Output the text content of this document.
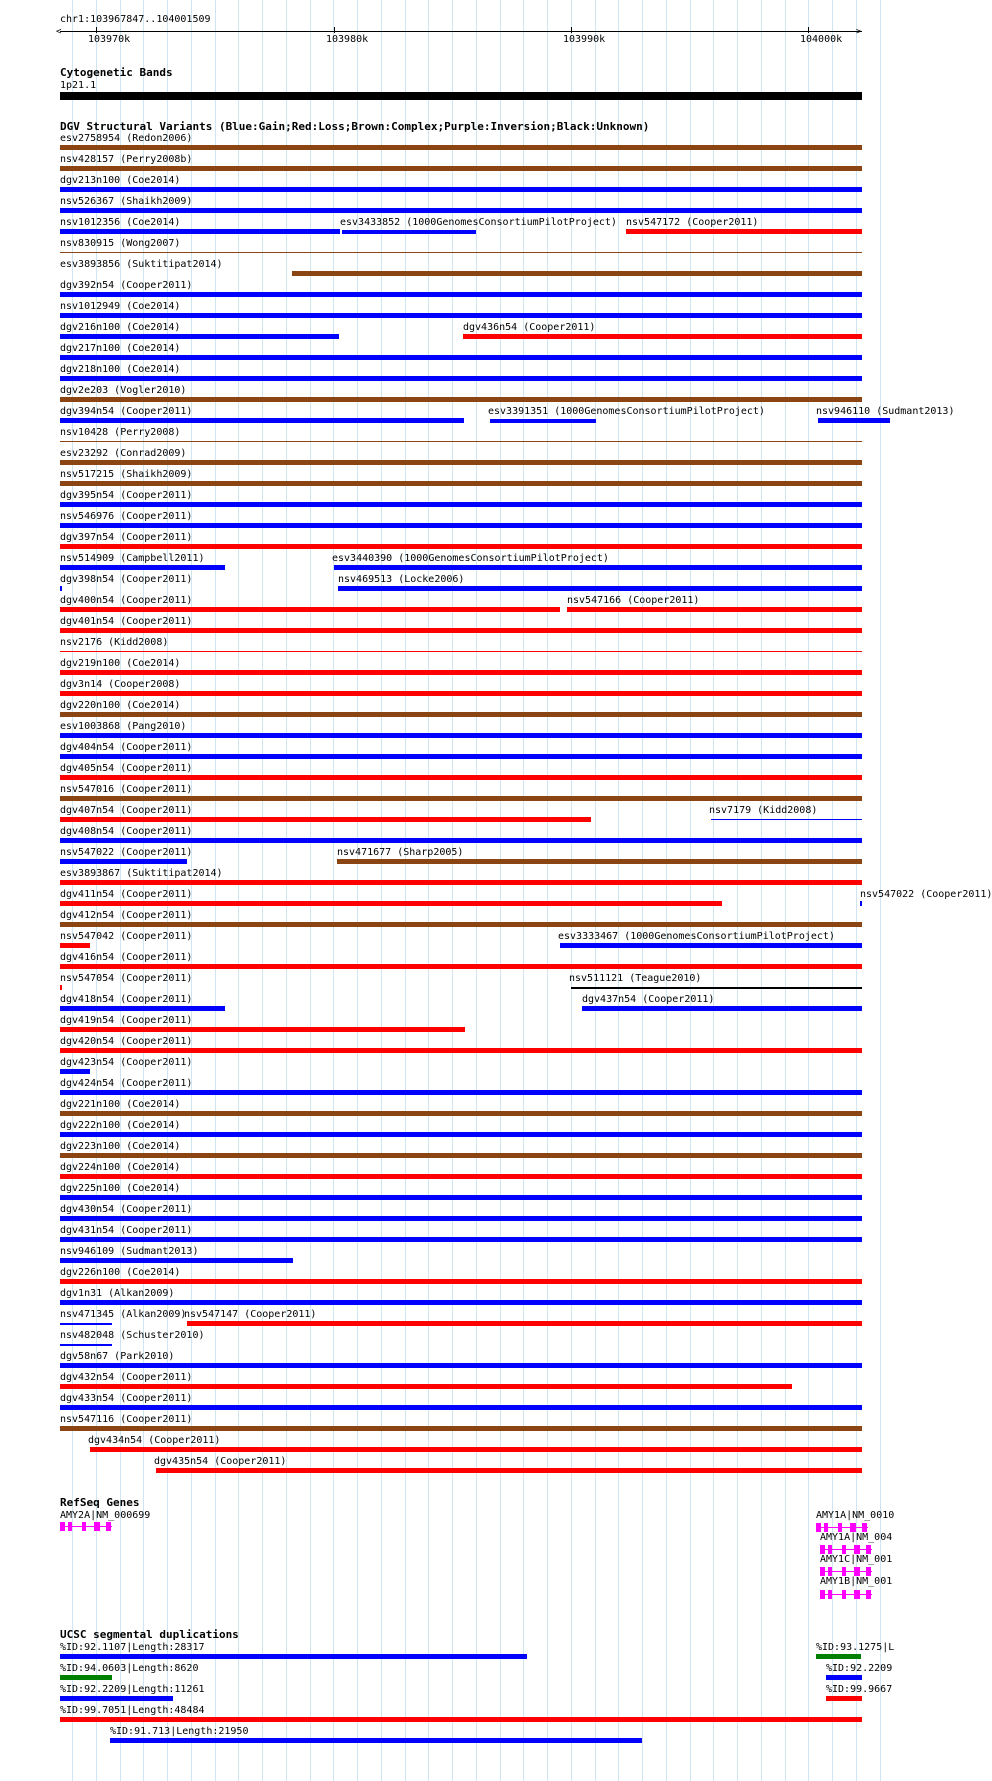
chr1:103967847..104001509
<	>
103970k	103980k	103990k	104000k
Cytogenetic Bands
1p21.1
DGV Structural Variants (Blue:Gain;Red:Loss;Brown:Complex;Purple:Inversion;Black:Unknown)
esv2758954 (Redon2006)
nsv428157 (Perry2008b)
dgv213n100 (Coe2014)
nsv526367 (Shaikh2009)
nsv1012356 (Coe2014)	esv3433852 (1000GenomesConsortiumPilotProject) nsv547172 (Cooper2011)
nsv830915 (Wong2007)
esv3893856 (Suktitipat2014)
dgv392n54 (Cooper2011)
nsv1012949 (Coe2014)
dgv216n100 (Coe2014)	dgv436n54 (Cooper2011)
dgv217n100 (Coe2014)
dgv218n100 (Coe2014)
dgv2e203 (Vogler2010)
dgv394n54 (Cooper2011)	esv3391351 (1000GenomesConsortiumPilotProject)	nsv946110 (Sudmant2013)
nsv10428 (Perry2008)
esv23292 (Conrad2009)
nsv517215 (Shaikh2009)
dgv395n54 (Cooper2011)
nsv546976 (Cooper2011)
dgv397n54 (Cooper2011)
nsv514909 (Campbell2011)	esv3440390 (1000GenomesConsortiumPilotProject)
dgv398n54 (Cooper2011)	nsv469513 (Locke2006)
dgv400n54 (Cooper2011)	nsv547166 (Cooper2011)
dgv401n54 (Cooper2011)
nsv2176 (Kidd2008)
dgv219n100 (Coe2014)
dgv3n14 (Cooper2008)
dgv220n100 (Coe2014)
esv1003868 (Pang2010)
dgv404n54 (Cooper2011)
dgv405n54 (Cooper2011)
nsv547016 (Cooper2011)
dgv407n54 (Cooper2011)	nsv7179 (Kidd2008)
dgv408n54 (Cooper2011)
nsv547022 (Cooper2011)	nsv471677 (Sharp2005)
esv3893867 (Suktitipat2014)
dgv411n54 (Cooper2011)	nsv547022 (Cooper2011)
dgv412n54 (Cooper2011)
nsv547042 (Cooper2011)	esv3333467 (1000GenomesConsortiumPilotProject)
dgv416n54 (Cooper2011)
nsv547054 (Cooper2011)	nsv511121 (Teague2010)
dgv418n54 (Cooper2011)	dgv437n54 (Cooper2011)
dgv419n54 (Cooper2011)
dgv420n54 (Cooper2011)
dgv423n54 (Cooper2011)
dgv424n54 (Cooper2011)
dgv221n100 (Coe2014)
dgv222n100 (Coe2014)
dgv223n100 (Coe2014)
dgv224n100 (Coe2014)
dgv225n100 (Coe2014)
dgv430n54 (Cooper2011)
dgv431n54 (Cooper2011)
nsv946109 (Sudmant2013)
dgv226n100 (Coe2014)
dgv1n31 (Alkan2009)
nsv471345 (Alkan2009)
nsv547147 (Cooper2011)
nsv482048 (Schuster2010)
dgv58n67 (Park2010)
dgv432n54 (Cooper2011)
dgv433n54 (Cooper2011)
nsv547116 (Cooper2011)
dgv434n54 (Cooper2011)
dgv435n54 (Cooper2011)
RefSeq Genes
AMY2A|NM_000699	AMY1A|NM_0010
AMY1A|NM_004
AMY1C|NM_001
AMY1B|NM_001
UCSC segmental duplications
%ID:92.1107|Length:28317	%ID:93.1275|L
%ID:94.0603|Length:8620	%ID:92.2209
%ID:92.2209|Length:11261	%ID:99.9667
%ID:99.7051|Length:48484
%ID:91.713|Length:21950
